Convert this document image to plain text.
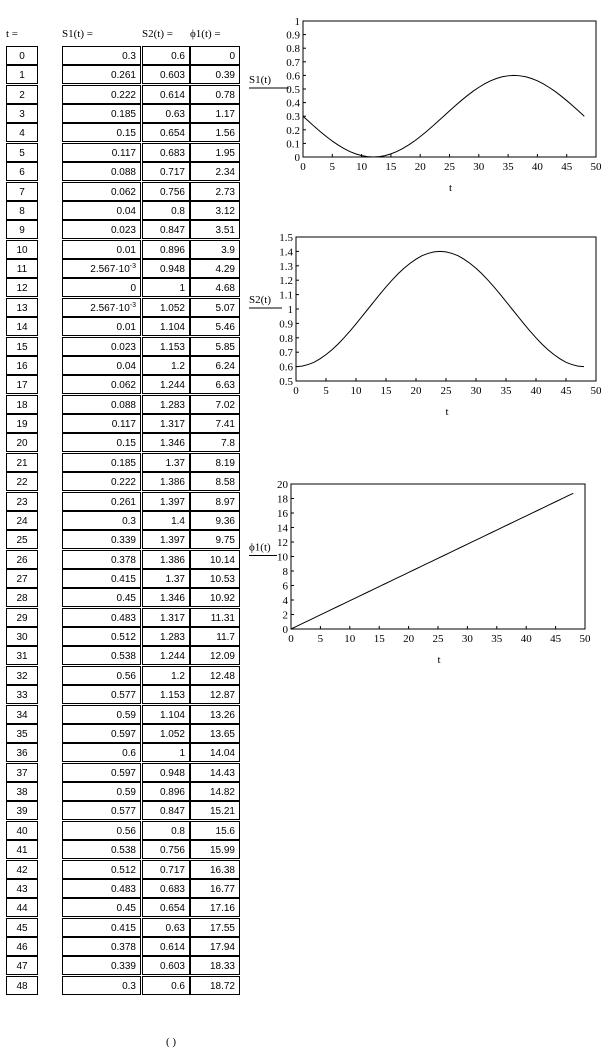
t =	S1(t) =	S2(t) = ϕ1(t) =
0	0.3	0.6	0
1	0.261	0.603	0.39
2	0.222	0.614	0.78
3	0.185	0.63	1.17
4	0.15	0.654	1.56
5	0.117	0.683	1.95
6	0.088	0.717	2.34
7	0.062	0.756	2.73
8	0.04	0.8	3.12
9	0.023	0.847	3.51
10	0.01	0.896	3.9
11	$2.567\cdot 10^{-3}$	0.948	4.29
12	0	1	4.68
13	$2.567\cdot 10^{-3}$	1.052	5.07
14	0.01	1.104	5.46
15	0.023	1.153	5.85
16	0.04	1.2	6.24
17	0.062	1.244	6.63
18	0.088	1.283	7.02
19	0.117	1.317	7.41
20	0.15	1.346	7.8
21	0.185	1.37	8.19
22	0.222	1.386	8.58
23	0.261	1.397	8.97
24	0.3	1.4	9.36
25	0.339	1.397	9.75
26	0.378	1.386	10.14
27	0.415	1.37	10.53
28	0.45	1.346	10.92
29	0.483	1.317	11.31
30	0.512	1.283	11.7
31	0.538	1.244	12.09
32	0.56	1.2	12.48
33	0.577	1.153	12.87
34	0.59	1.104	13.26
35	0.597	1.052	13.65
36	0.6	1	14.04
37	0.597	0.948	14.43
38	0.59	0.896	14.82
39	0.577	0.847	15.21
40	0.56	0.8	15.6
41	0.538	0.756	15.99
42	0.512	0.717	16.38
43	0.483	0.683	16.77
44	0.45	0.654	17.16
45	0.415	0.63	17.55
46	0.378	0.614	17.94
47	0.339	0.603	18.33
48	0.3	0.6	18.72
0 5 10 15 20 25 30 35 40 45 50
0
0.1
0.2
0.3
0.4
0.5
0.6
0.7
0.8
0.9
1
t
S1(t)
0 5 10 15 20 25 30 35 40 45 50
0.5
0.6
0.7
0.8
0.9
1
1.1
1.2
1.3
1.4
1.5
t
S2(t)
0 5 10 15 20 25 30 35 40 45 50
0
2
4
6
8
10
12
14
16
18
20
t
ϕ1(t)
( )
